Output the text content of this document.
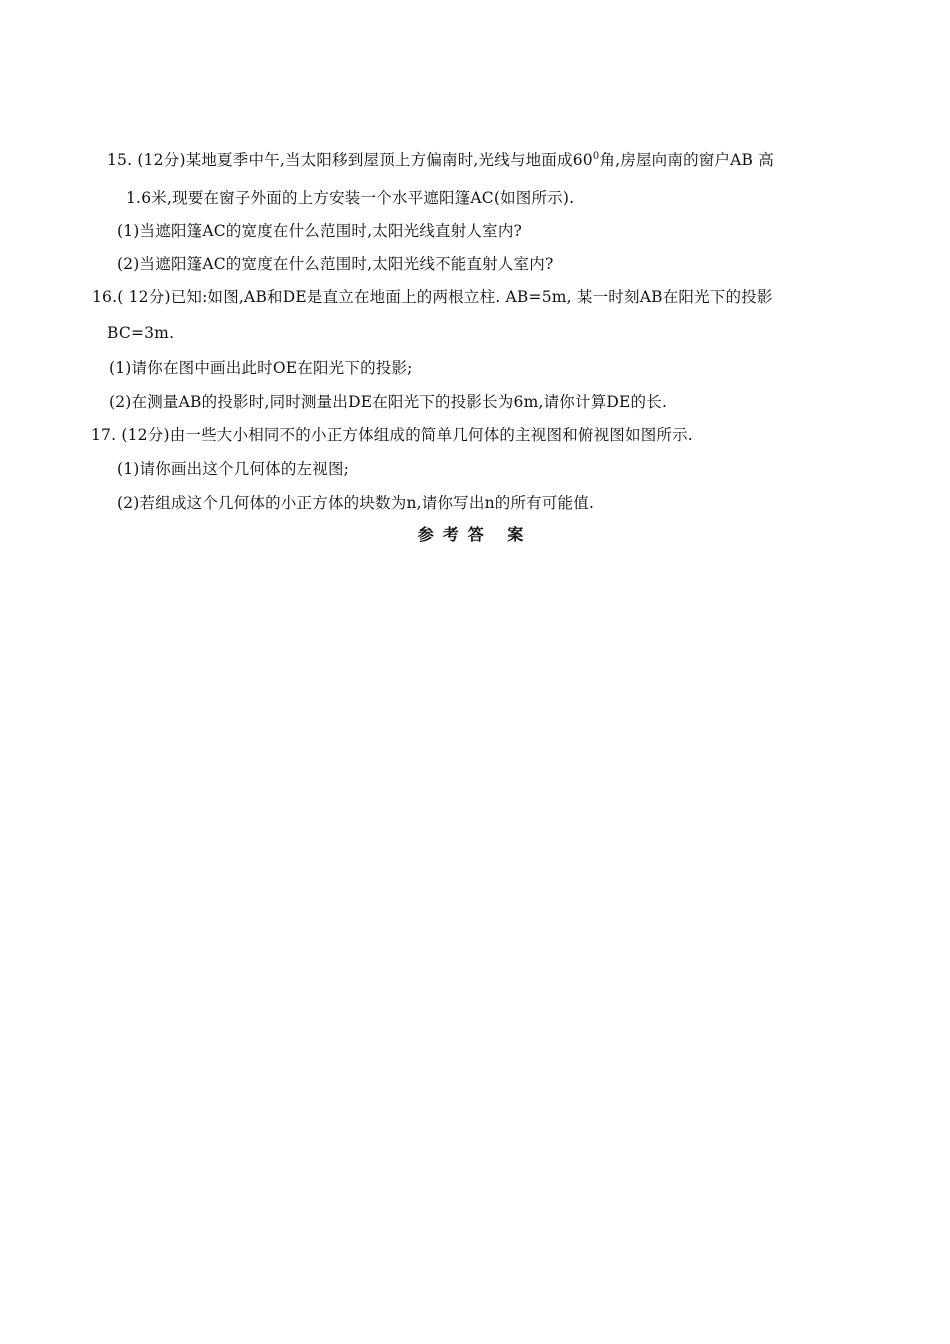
15. (12分)某地夏季中午,当太阳移到屋顶上方偏南时,光线与地面成$60^0$角,房屋向南的窗户AB 高
1.6米,现要在窗子外面的上方安装一个水平遮阳篷AC(如图所示).
(1)当遮阳篷AC的宽度在什么范围时,太阳光线直射人室内?
(2)当遮阳篷AC的宽度在什么范围时,太阳光线不能直射人室内?
16.( 12分)已知:如图,AB和DE是直立在地面上的两根立柱. AB=5m, 某一时刻AB在阳光下的投影
BC=3m.
(1)请你在图中画出此时OE在阳光下的投影;
(2)在测量AB的投影时,同时测量出DE在阳光下的投影长为6m,请你计算DE的长.
17. (12分)由一些大小相同不的小正方体组成的简单几何体的主视图和俯视图如图所示.
(1)请你画出这个几何体的左视图;
(2)若组成这个几何体的小正方体的块数为n,请你写出n的所有可能值.
参考答 案
